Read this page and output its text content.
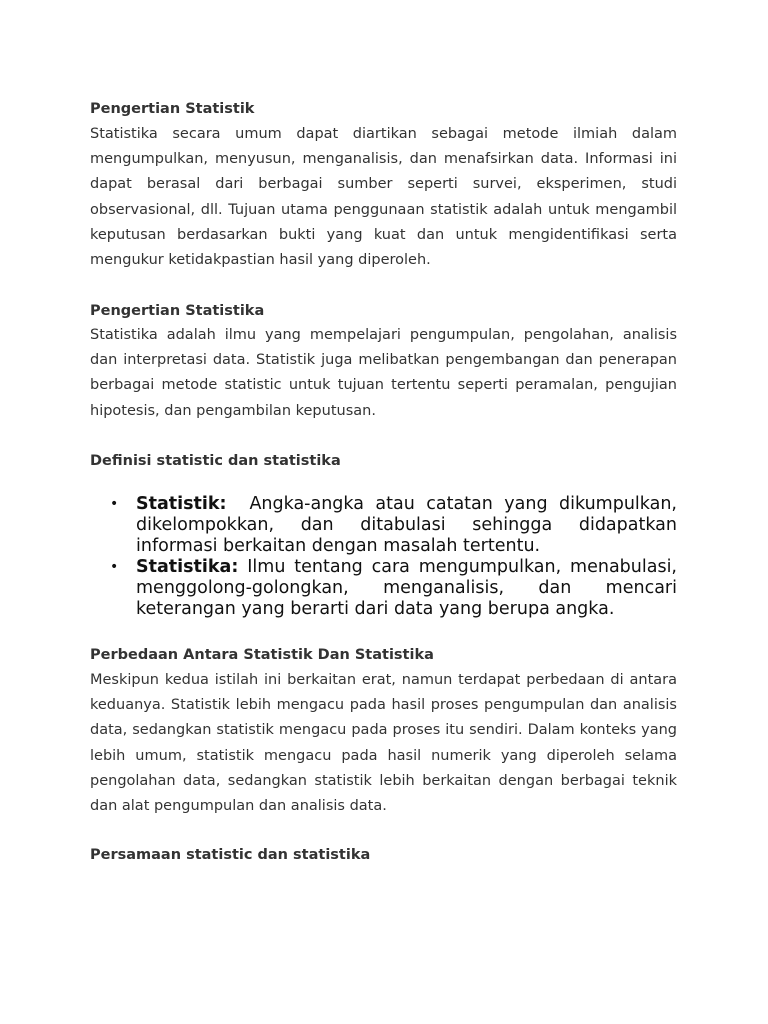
Pengertian Statistik
Statistika secara umum dapat diartikan sebagai metode ilmiah dalam mengumpulkan, menyusun, menganalisis, dan menafsirkan data. Informasi ini dapat berasal dari berbagai sumber seperti survei, eksperimen, studi observasional, dll. Tujuan utama penggunaan statistik adalah untuk mengambil keputusan berdasarkan bukti yang kuat dan untuk mengidentifikasi serta mengukur ketidakpastian hasil yang diperoleh.
Pengertian Statistika
Statistika adalah ilmu yang mempelajari pengumpulan, pengolahan, analisis dan interpretasi data. Statistik juga melibatkan pengembangan dan penerapan berbagai metode statistic untuk tujuan tertentu seperti peramalan, pengujian hipotesis, dan pengambilan keputusan.
Definisi statistic dan statistika
• Statistik: Angka-angka atau catatan yang dikumpulkan, dikelompokkan, dan ditabulasi sehingga didapatkan informasi berkaitan dengan masalah tertentu.
• Statistika: Ilmu tentang cara mengumpulkan, menabulasi, menggolong-golongkan, menganalisis, dan mencari keterangan yang berarti dari data yang berupa angka.
Perbedaan Antara Statistik Dan Statistika
Meskipun kedua istilah ini berkaitan erat, namun terdapat perbedaan di antara keduanya. Statistik lebih mengacu pada hasil proses pengumpulan dan analisis data, sedangkan statistik mengacu pada proses itu sendiri. Dalam konteks yang lebih umum, statistik mengacu pada hasil numerik yang diperoleh selama pengolahan data, sedangkan statistik lebih berkaitan dengan berbagai teknik dan alat pengumpulan dan analisis data.
Persamaan statistic dan statistika
